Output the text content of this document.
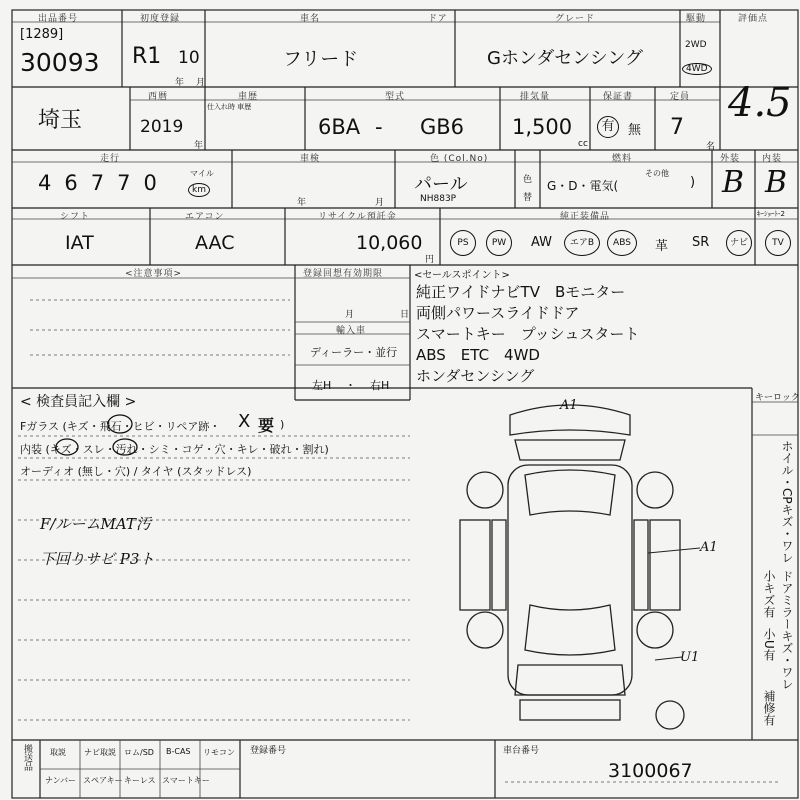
出品番号
[1289]
30093
初度登録
R1 10
年 月
車名
フリード
ドア	グレード
Gホンダセンシング
駆動
2WD
4WD
評価点
4.5
埼玉
西暦
2019
年
車歴
仕入れ時 車歴
型式
6BA - GB6
排気量
1,500
cc
保証書
有	無
定員
7
名
走行
46770	マイル
km
車検
年	月
色 (Col.No)
パール
NH883P
色
替
燃料
G・D・電気(
その他
)
外装
B
内装
B
シフト
IAT
エアコン
AAC
リサイクル預託金
10,060
円
純正装備品	ｷｰｼｮｰﾄ-2
PS	PW	AW	エアB	ABS	革 SR	ナビ	TV
<注意事項>	登録回想有効期限
月	日
輸入車
ディーラー・並行
左H ・ 右H
<セールスポイント>
純正ワイドナビTV　Bモニター
両側パワースライドドア
スマートキー　プッシュスタート
ABS　ETC　4WD
ホンダセンシング
< 検査員記入欄 >
Fガラス (キズ・飛石・ヒビ・リペア跡・ X 要 )
内装 (キズ・スレ・汚れ・シミ・コゲ・穴・キレ・破れ・割れ)
オーディオ (無し・穴) / タイヤ (スタッドレス)
F/ルームMAT汚
下回りサビ P3ト
A1
A1
U1
キーロック
ホイル・CPキズ・ワレ
小キズ有 ドアミラーキズ・ワレ
小U有
補修有
搬送品 取説 ナビ取説 ロム/SD B-CAS リモコン
ナンバー スペアキー キーレス スマートキー
登録番号	車台番号
3100067
